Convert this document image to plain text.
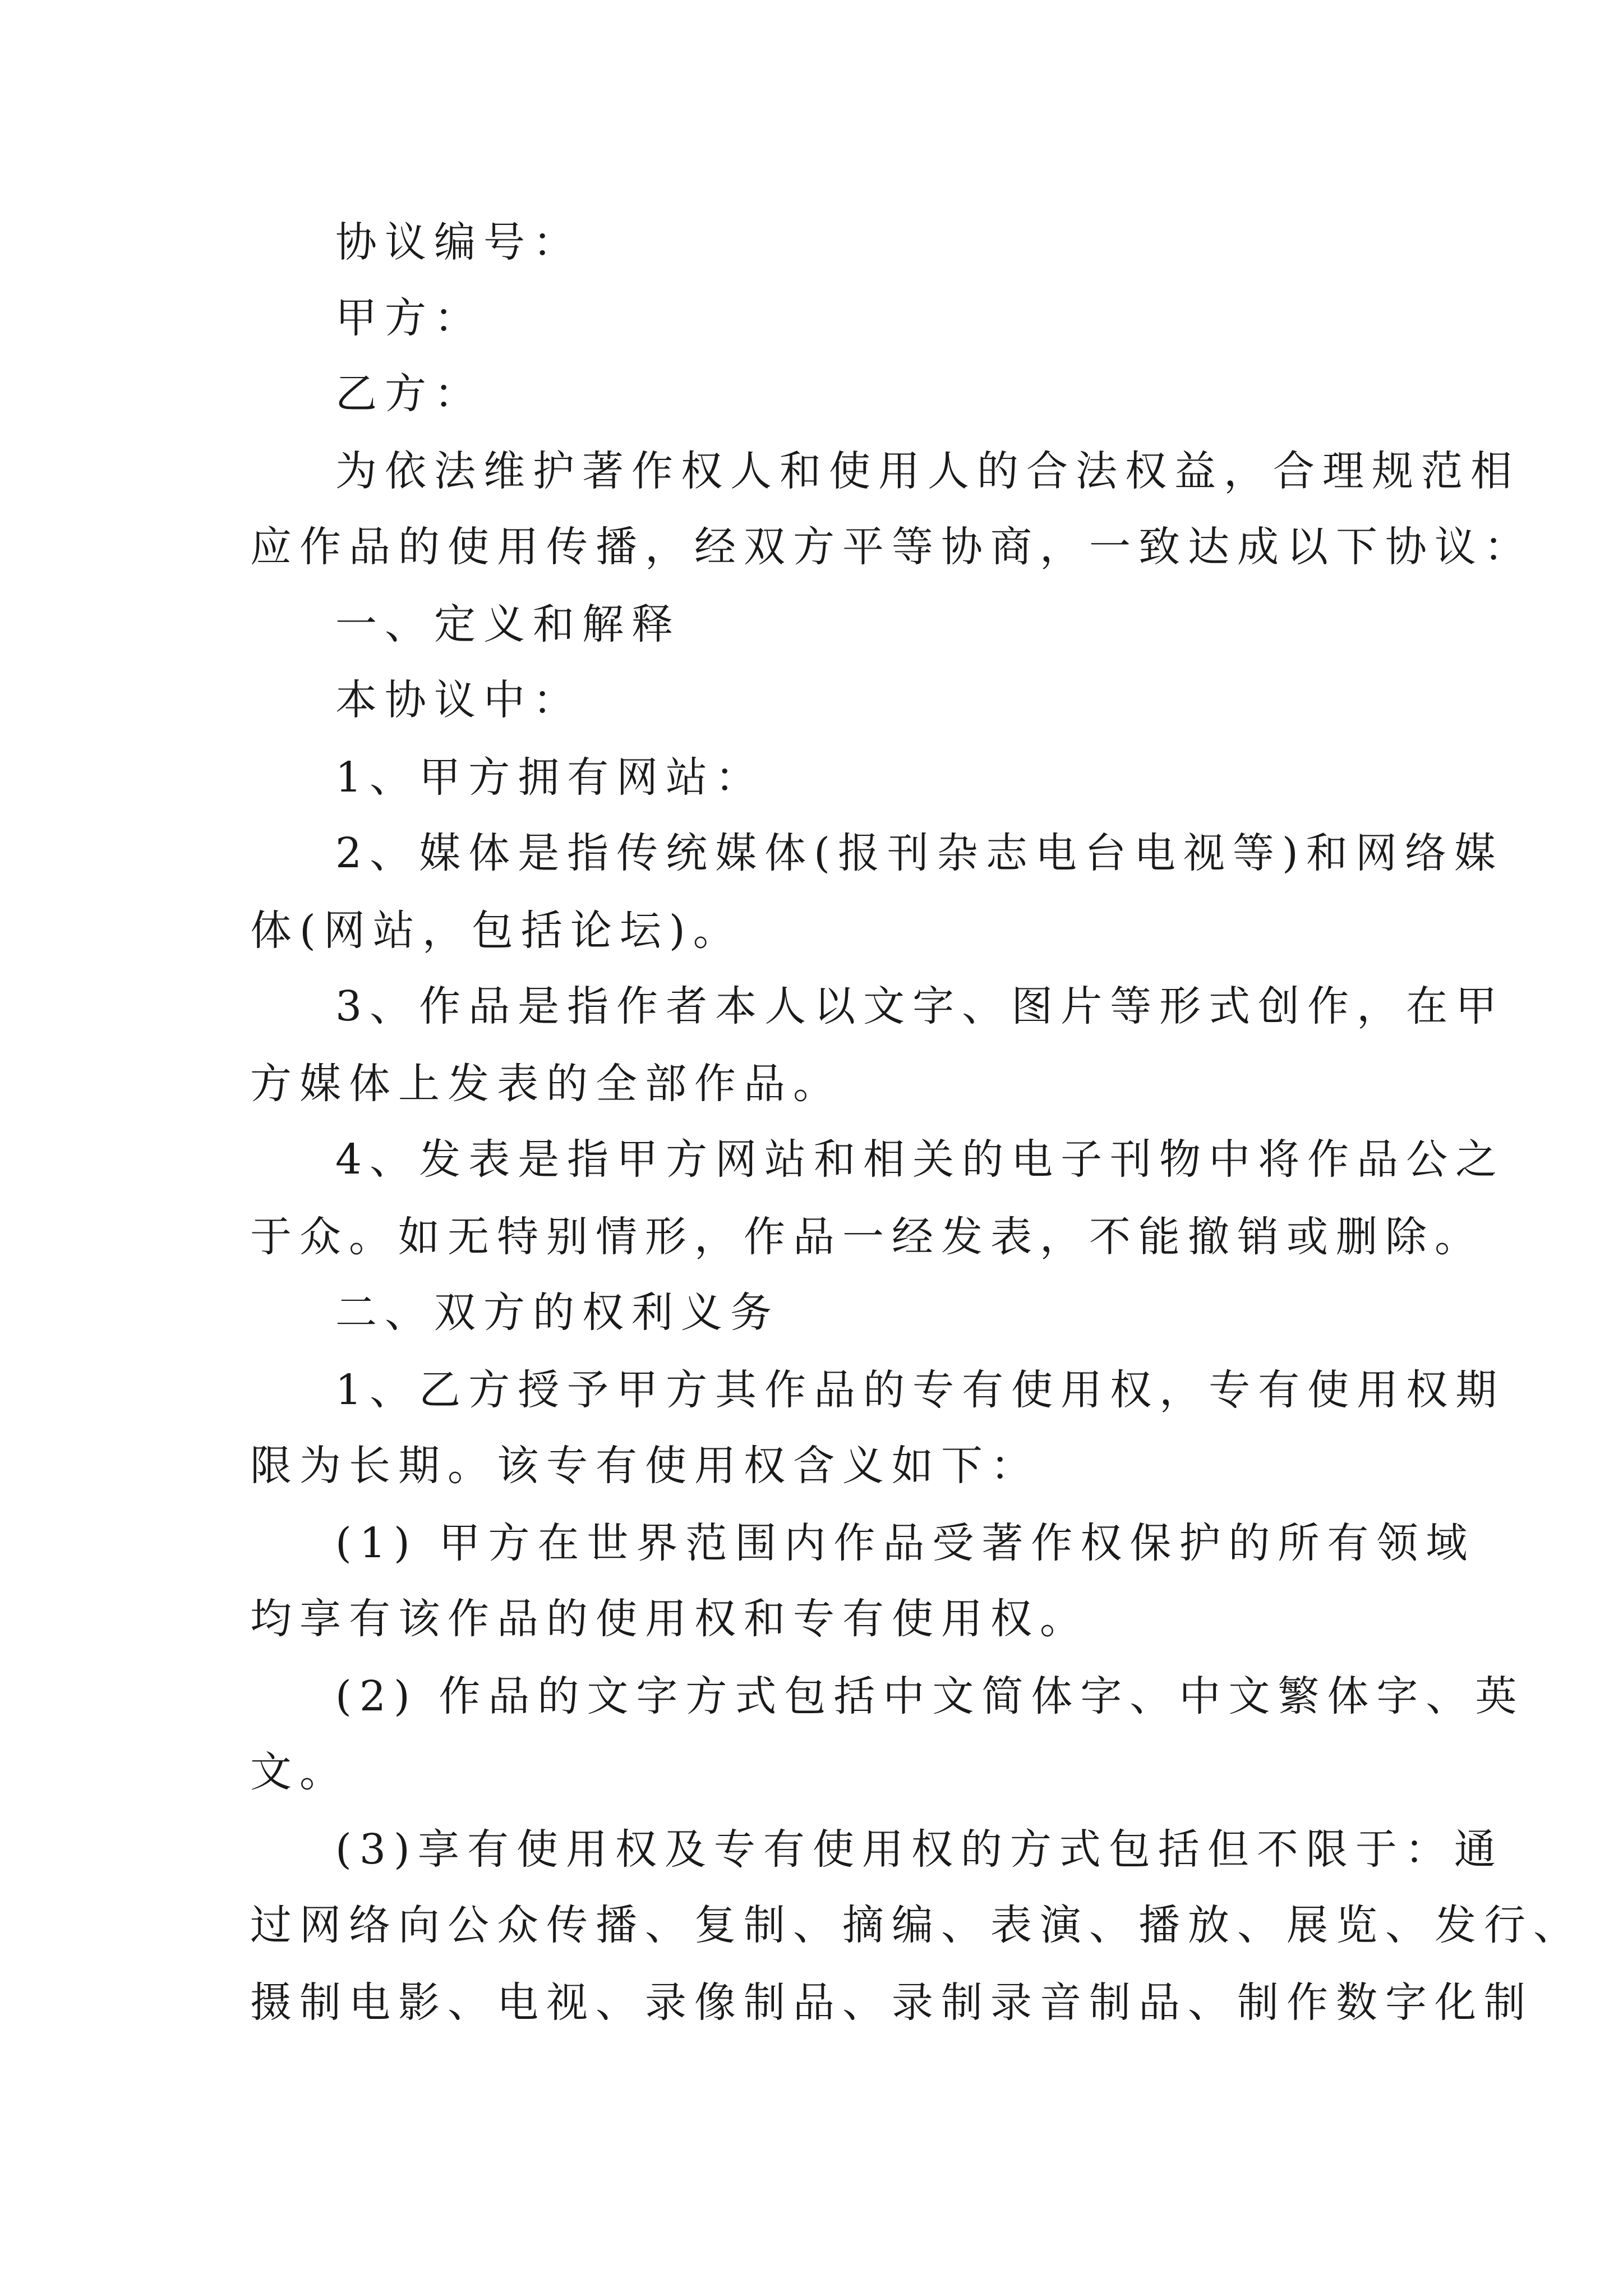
协议编号：
甲方：
乙方：
为依法维护著作权人和使用人的合法权益，合理规范相
应作品的使用传播，经双方平等协商，一致达成以下协议：
一、定义和解释
本协议中：
1、甲方拥有网站：
2、媒体是指传统媒体(报刊杂志电台电视等)和网络媒
体(网站，包括论坛)。
3、作品是指作者本人以文字、图片等形式创作，在甲
方媒体上发表的全部作品。
4、发表是指甲方网站和相关的电子刊物中将作品公之
于众。如无特别情形，作品一经发表，不能撤销或删除。
二、双方的权利义务
1、乙方授予甲方其作品的专有使用权，专有使用权期
限为长期。该专有使用权含义如下：
(1) 甲方在世界范围内作品受著作权保护的所有领域
均享有该作品的使用权和专有使用权。
(2) 作品的文字方式包括中文简体字、中文繁体字、英
文。
(3)享有使用权及专有使用权的方式包括但不限于：通
过网络向公众传播、复制、摘编、表演、播放、展览、发行、
摄制电影、电视、录像制品、录制录音制品、制作数字化制
